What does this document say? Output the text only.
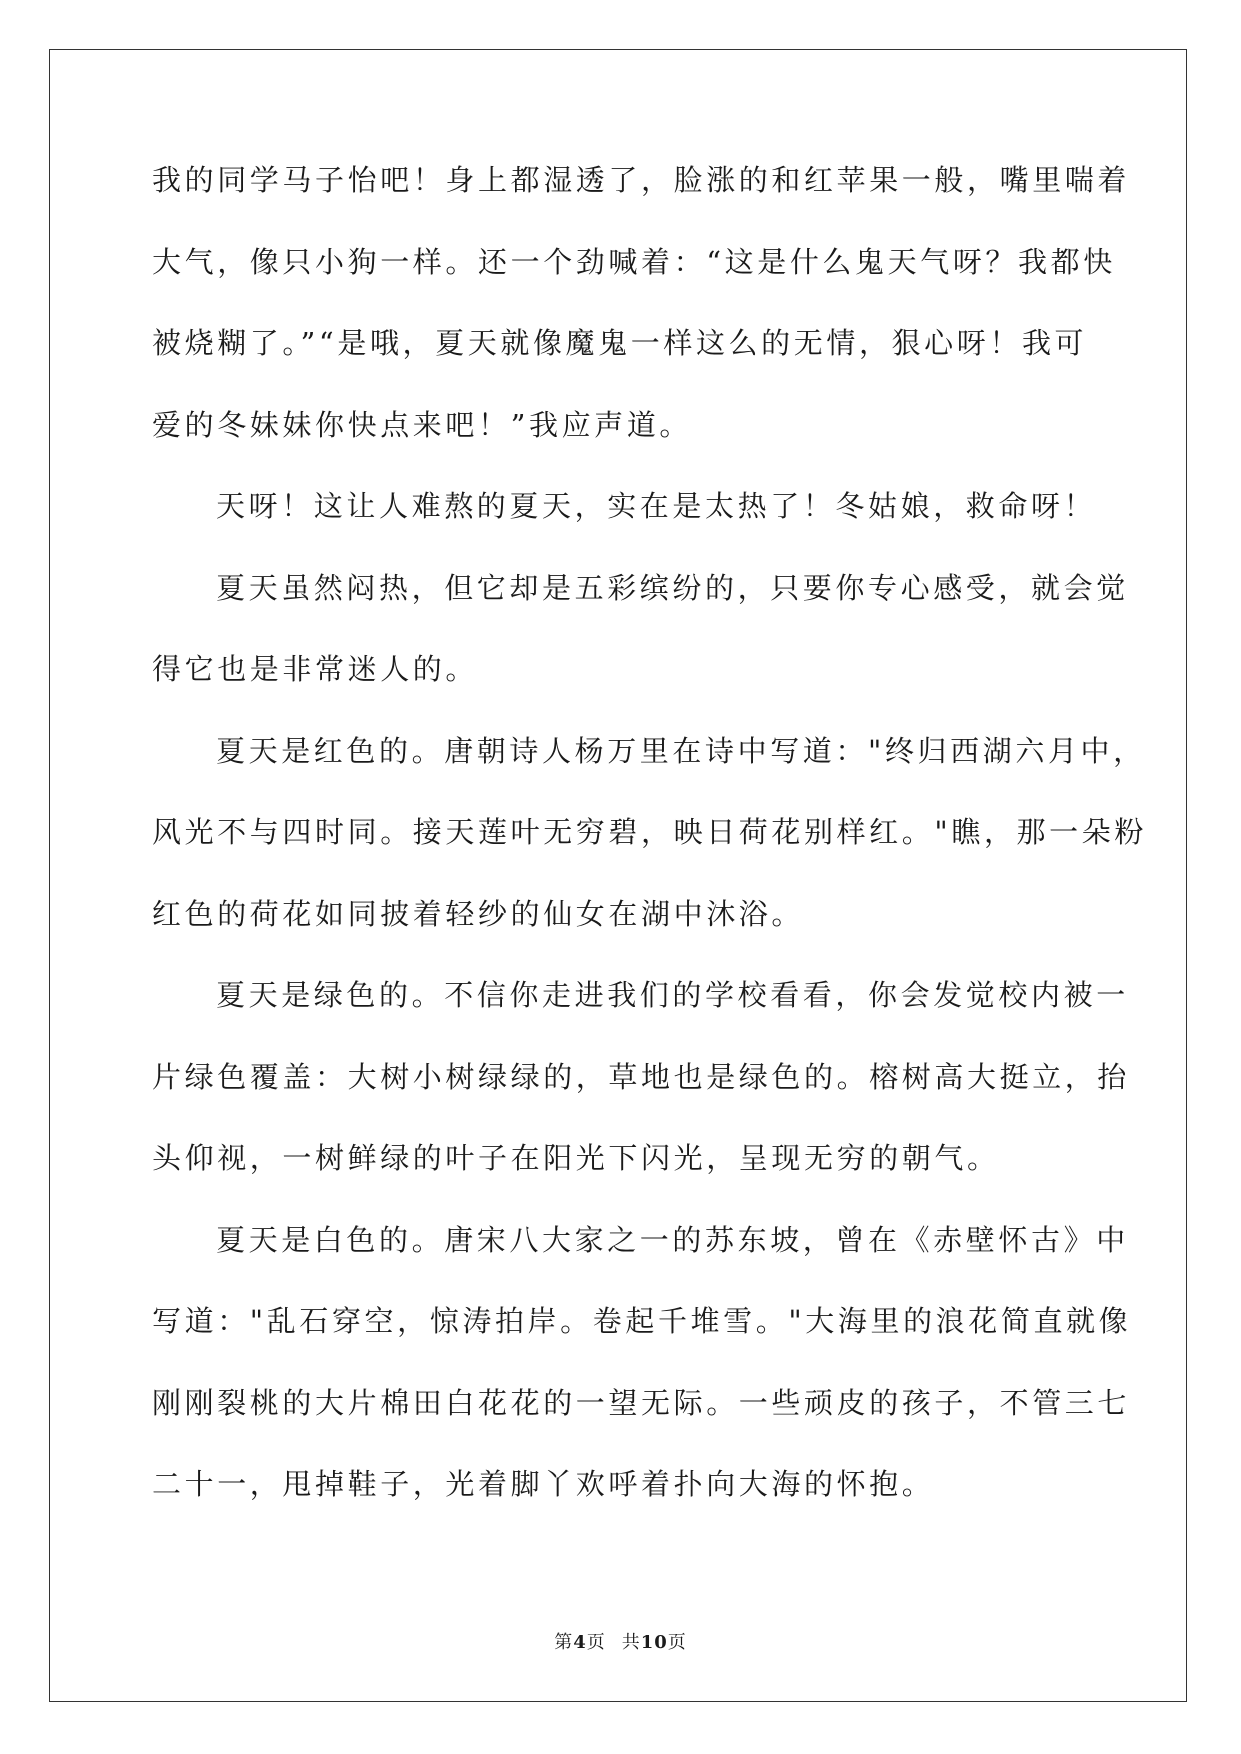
我的同学马子怡吧！身上都湿透了，脸涨的和红苹果一般，嘴里喘着
大气，像只小狗一样。还一个劲喊着：“这是什么鬼天气呀？我都快
被烧糊了。”“是哦，夏天就像魔鬼一样这么的无情，狠心呀！我可
爱的冬妹妹你快点来吧！”我应声道。
天呀！这让人难熬的夏天，实在是太热了！冬姑娘，救命呀！
夏天虽然闷热，但它却是五彩缤纷的，只要你专心感受，就会觉
得它也是非常迷人的。
夏天是红色的。唐朝诗人杨万里在诗中写道："终归西湖六月中，
风光不与四时同。接天莲叶无穷碧，映日荷花别样红。"瞧，那一朵粉
红色的荷花如同披着轻纱的仙女在湖中沐浴。
夏天是绿色的。不信你走进我们的学校看看，你会发觉校内被一
片绿色覆盖：大树小树绿绿的，草地也是绿色的。榕树高大挺立，抬
头仰视，一树鲜绿的叶子在阳光下闪光，呈现无穷的朝气。
夏天是白色的。唐宋八大家之一的苏东坡，曾在《赤壁怀古》中
写道："乱石穿空，惊涛拍岸。卷起千堆雪。"大海里的浪花简直就像
刚刚裂桃的大片棉田白花花的一望无际。一些顽皮的孩子，不管三七
二十一，甩掉鞋子，光着脚丫欢呼着扑向大海的怀抱。
第4页 共10页
